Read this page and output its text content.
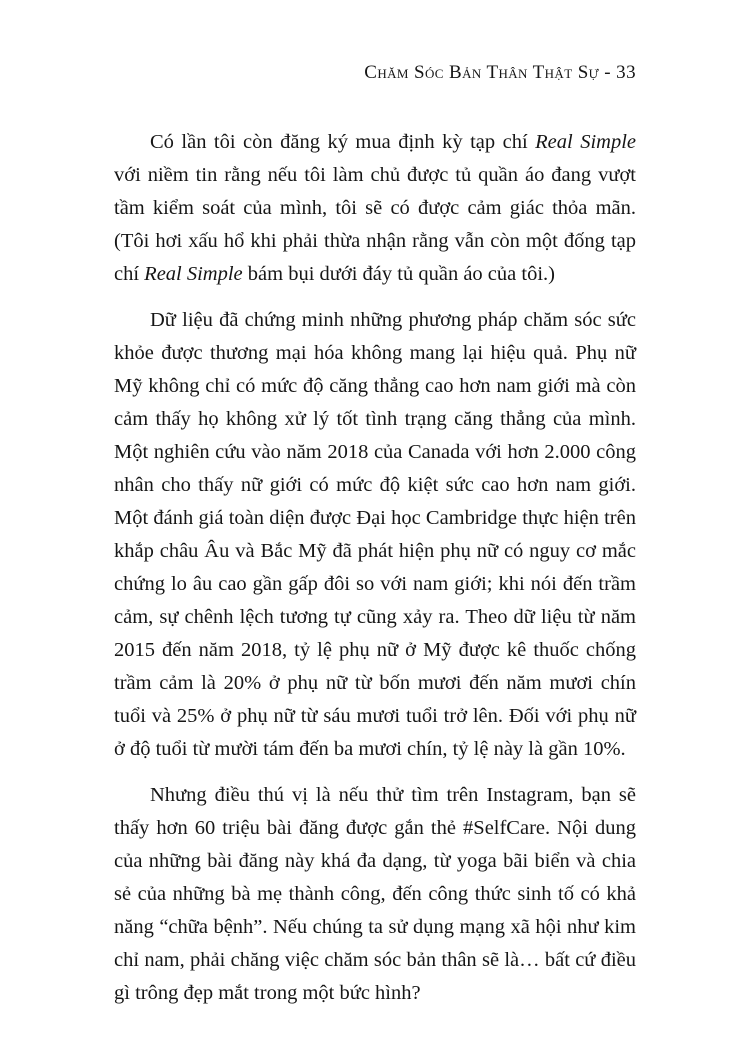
Chăm Sóc Bản Thân Thật Sự - 33

Có lần tôi còn đăng ký mua định kỳ tạp chí Real Simple với niềm tin rằng nếu tôi làm chủ được tủ quần áo đang vượt tầm kiểm soát của mình, tôi sẽ có được cảm giác thỏa mãn. (Tôi hơi xấu hổ khi phải thừa nhận rằng vẫn còn một đống tạp chí Real Simple bám bụi dưới đáy tủ quần áo của tôi.)

Dữ liệu đã chứng minh những phương pháp chăm sóc sức khỏe được thương mại hóa không mang lại hiệu quả. Phụ nữ Mỹ không chỉ có mức độ căng thẳng cao hơn nam giới mà còn cảm thấy họ không xử lý tốt tình trạng căng thẳng của mình. Một nghiên cứu vào năm 2018 của Canada với hơn 2.000 công nhân cho thấy nữ giới có mức độ kiệt sức cao hơn nam giới. Một đánh giá toàn diện được Đại học Cambridge thực hiện trên khắp châu Âu và Bắc Mỹ đã phát hiện phụ nữ có nguy cơ mắc chứng lo âu cao gần gấp đôi so với nam giới; khi nói đến trầm cảm, sự chênh lệch tương tự cũng xảy ra. Theo dữ liệu từ năm 2015 đến năm 2018, tỷ lệ phụ nữ ở Mỹ được kê thuốc chống trầm cảm là 20% ở phụ nữ từ bốn mươi đến năm mươi chín tuổi và 25% ở phụ nữ từ sáu mươi tuổi trở lên. Đối với phụ nữ ở độ tuổi từ mười tám đến ba mươi chín, tỷ lệ này là gần 10%.

Nhưng điều thú vị là nếu thử tìm trên Instagram, bạn sẽ thấy hơn 60 triệu bài đăng được gắn thẻ #SelfCare. Nội dung của những bài đăng này khá đa dạng, từ yoga bãi biển và chia sẻ của những bà mẹ thành công, đến công thức sinh tố có khả năng “chữa bệnh”. Nếu chúng ta sử dụng mạng xã hội như kim chỉ nam, phải chăng việc chăm sóc bản thân sẽ là… bất cứ điều gì trông đẹp mắt trong một bức hình?
